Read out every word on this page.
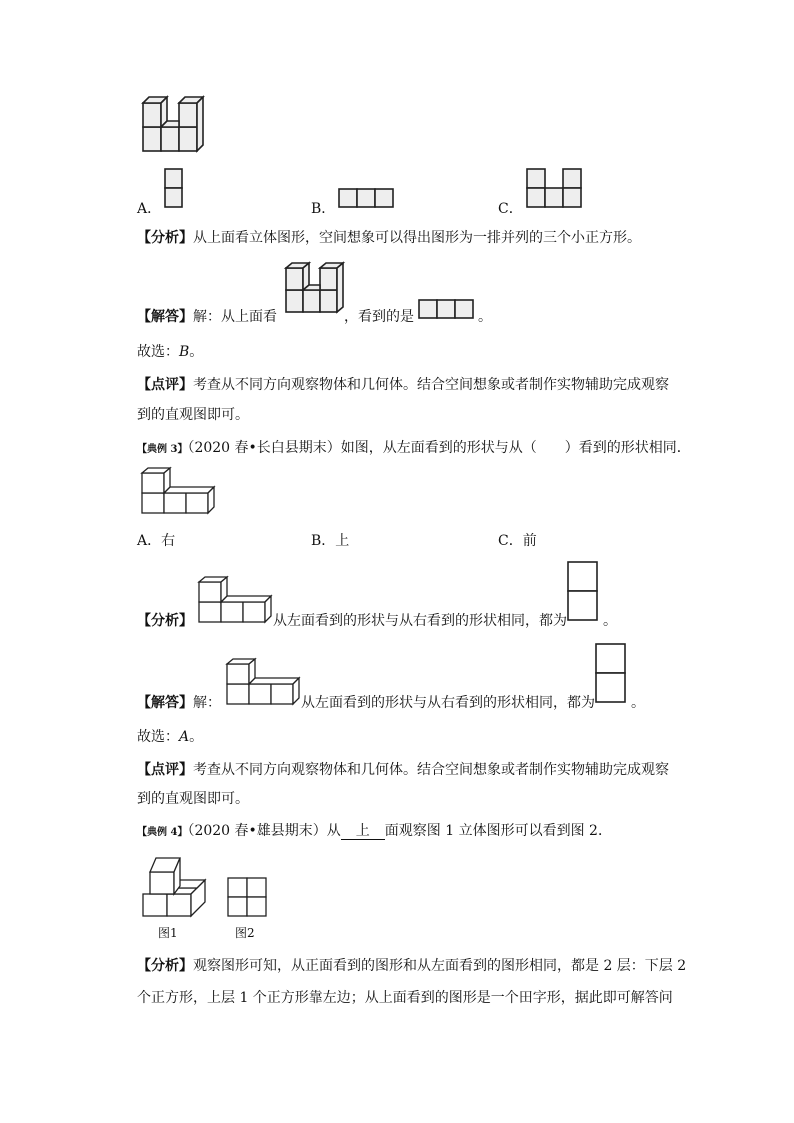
A．	B．	C．
【分析】从上面看立体图形，空间想象可以得出图形为一排并列的三个小正方形。
【解答】解：从上面看	，看到的是	。
故选：B。
【点评】考查从不同方向观察物体和几何体。结合空间想象或者制作实物辅助完成观察
到的直观图即可。
【典例 3】（2020 春•长白县期末）如图，从左面看到的形状与从（　　）看到的形状相同．
A．右	B．上	C．前
【分析】	从左面看到的形状与从右看到的形状相同，都为	。
【解答】解：	从左面看到的形状与从右看到的形状相同，都为	。
故选：A。
【点评】考查从不同方向观察物体和几何体。结合空间想象或者制作实物辅助完成观察
到的直观图即可。
【典例 4】（2020 春•雄县期末）从 上 面观察图 1 立体图形可以看到图 2．
图1	图2
【分析】观察图形可知，从正面看到的图形和从左面看到的图形相同，都是 2 层：下层 2
个正方形，上层 1 个正方形靠左边；从上面看到的图形是一个田字形，据此即可解答问
